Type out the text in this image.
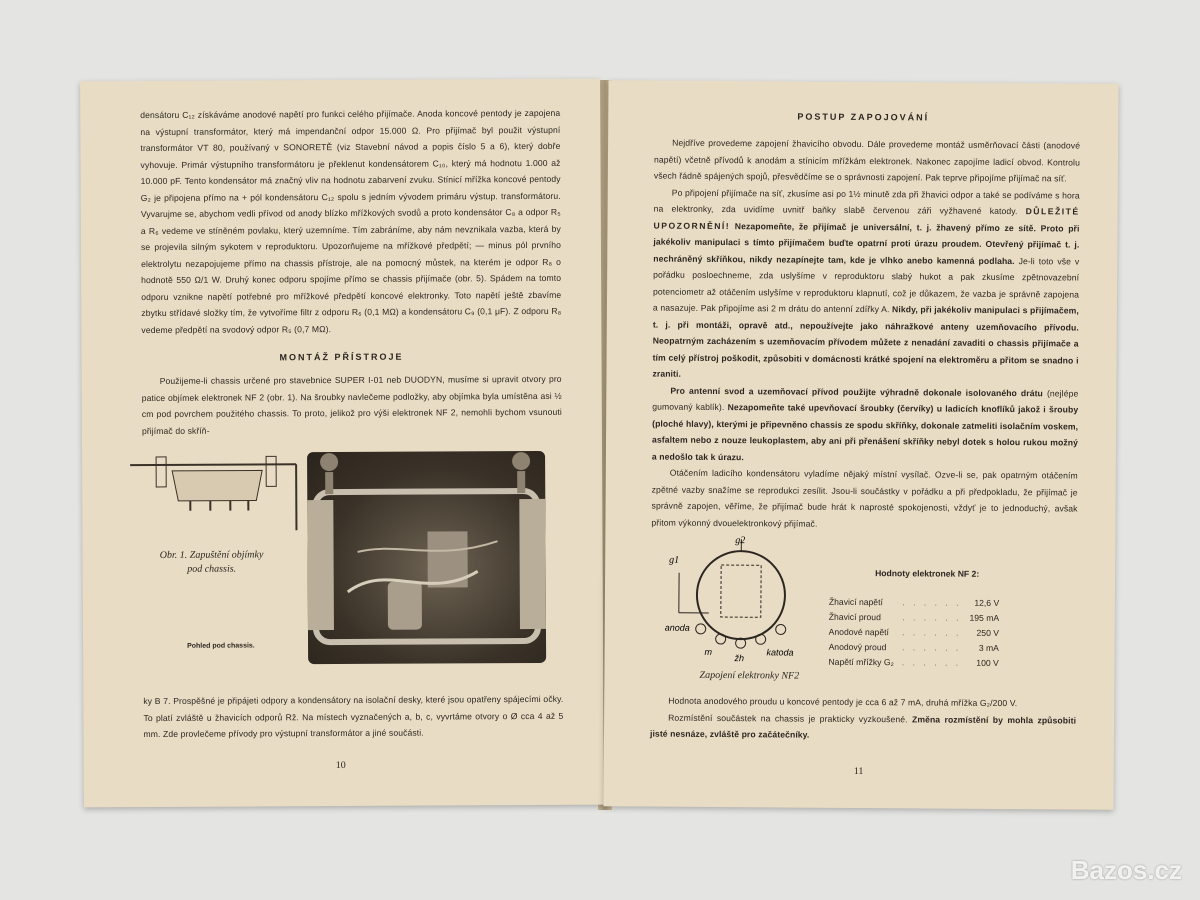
densátoru C₁₂ získáváme anodové napětí pro funkci celého přijímače. Anoda koncové pentody je zapojena na výstupní transformátor, který má impendanční odpor 15.000 Ω. Pro přijímač byl použit výstupní transformátor VT 80, používaný v SONORETĚ (viz Stavební návod a popis číslo 5 a 6), který dobře vyhovuje. Primár výstupního transformátoru je překlenut kondensátorem C₁₀, který má hodnotu 1.000 až 10.000 pF. Tento kondensátor má značný vliv na hodnotu zabarvení zvuku. Stínicí mřížka koncové pentody G₂ je připojena přímo na + pól kondensátoru C₁₂ spolu s jedním vývodem primáru výstup. transformátoru. Vyvarujme se, abychom vedli přívod od anody blízko mřížkových svodů a proto kondensátor C₈ a odpor R₅ a R₆ vedeme ve stíněném povlaku, který uzemníme. Tím zabráníme, aby nám nevznikala vazba, která by se projevila silným sykotem v reproduktoru. Upozorňujeme na mřížkové předpětí; — minus pól prvního elektrolytu nezapojujeme přímo na chassis přístroje, ale na pomocný můstek, na kterém je odpor R₈ o hodnotě 550 Ω/1 W. Druhý konec odporu spojíme přímo se chassis přijímače (obr. 5). Spádem na tomto odporu vznikne napětí potřebné pro mřížkové předpětí koncové elektronky. Toto napětí ještě zbavíme zbytku střídavé složky tím, že vytvoříme filtr z odporu R₆ (0,1 MΩ) a kondensátoru C₉ (0,1 μF). Z odporu R₈ vedeme předpětí na svodový odpor R₅ (0,7 MΩ).

MONTÁŽ PŘÍSTROJE

Použijeme-li chassis určené pro stavebnice SUPER I-01 neb DUODYN, musíme si upravit otvory pro patice objímek elektronek NF 2 (obr. 1). Na šroubky navlečeme podložky, aby objímka byla umístěna asi ½ cm pod povrchem použitého chassis. To proto, jelikož pro výši elektronek NF 2, nemohli bychom vsunouti přijímač do skříň-

Obr. 1. Zapuštění objímky
pod chassis.
Pohled pod chassis.

ky B 7. Prospěšné je připájeti odpory a kondensátory na isolační desky, které jsou opatřeny spájecími očky. To platí zvláště u žhavicích odporů Rž. Na místech vyznačených a, b, c, vyvrtáme otvory o Ø cca 4 až 5 mm. Zde provlečeme přívody pro výstupní transformátor a jiné součásti.

10
POSTUP ZAPOJOVÁNÍ

Nejdříve provedeme zapojení žhavicího obvodu. Dále provedeme montáž usměrňovací části (anodové napětí) včetně přívodů k anodám a stínicím mřížkám elektronek. Nakonec zapojíme ladicí obvod. Kontrolu všech řádně spájených spojů, přesvědčíme se o správnosti zapojení. Pak teprve připojíme přijímač na síť.

Po připojení přijímače na síť, zkusíme asi po 1½ minutě zda při žhavici odpor a také se podíváme s hora na elektronky, zda uvidíme uvnitř baňky slabě červenou záři vyžhavené katody. DŮLEŽITÉ UPOZORNĚNÍ! Nezapomeňte, že přijímač je universální, t. j. žhavený přímo ze sítě. Proto při jakékoliv manipulaci s tímto přijímačem buďte opatrní proti úrazu proudem. Otevřený přijímač t. j. nechráněný skříňkou, nikdy nezapínejte tam, kde je vlhko anebo kamenná podlaha. Je-li toto vše v pořádku posloechneme, zda uslyšíme v reproduktoru slabý hukot a pak zkusíme zpětnovazební potenciometr až otáčením uslyšíme v reproduktoru klapnutí, což je důkazem, že vazba je správně zapojena a nasazuje. Pak připojíme asi 2 m drátu do antenní zdířky A. Nikdy, při jakékoliv manipulaci s přijímačem, t. j. při montáži, opravě atd., nepoužívejte jako náhražkové anteny uzemňovacího přívodu. Neopatrným zacházením s uzemňovacím přívodem můžete z nenadání zavaditi o chassis přijímače a tím celý přístroj poškodit, způsobiti v domácnosti krátké spojení na elektroměru a přitom se snadno i zraniti.

Pro antenní svod a uzemňovací přívod použijte výhradně dokonale isolovaného drátu (nejlépe gumovaný kablík). Nezapomeňte také upevňovací šroubky (červíky) u ladicích knoflíků jakož i šrouby (ploché hlavy), kterými je připevněno chassis ze spodu skříňky, dokonale zatmeliti isolačním voskem, asfaltem nebo z nouze leukoplastem, aby ani při přenášení skříňky nebyl dotek s holou rukou možný a nedošlo tak k úrazu.

Otáčením ladicího kondensátoru vyladíme nějaký místní vysílač. Ozve-li se, pak opatrným otáčením zpětné vazby snažíme se reprodukci zesílit. Jsou-li součástky v pořádku a při předpokladu, že přijímač je správně zapojen, věříme, že přijímač bude hrát k naprosté spokojenosti, vždyť je to jednoduchý, avšak přitom výkonný dvouelektronkový přijímač.

g1
g2
anoda
m	katoda
žh
Zapojení elektronky NF2
Hodnoty elektronek NF 2:
Žhavicí napětí	. . . . . .	12,6 V
Žhavicí proud	. . . . . .	195 mA
Anodové napětí	. . . . . .	250 V
Anodový proud	. . . . . .	3 mA
Napětí mřížky G₂	. . . . . .	100 V

Hodnota anodového proudu u koncové pentody je cca 6 až 7 mA, druhá mřížka G₂/200 V.

Rozmístění součástek na chassis je prakticky vyzkoušené. Změna rozmístění by mohla způsobiti jisté nesnáze, zvláště pro začátečníky.

11
Bazos.cz
